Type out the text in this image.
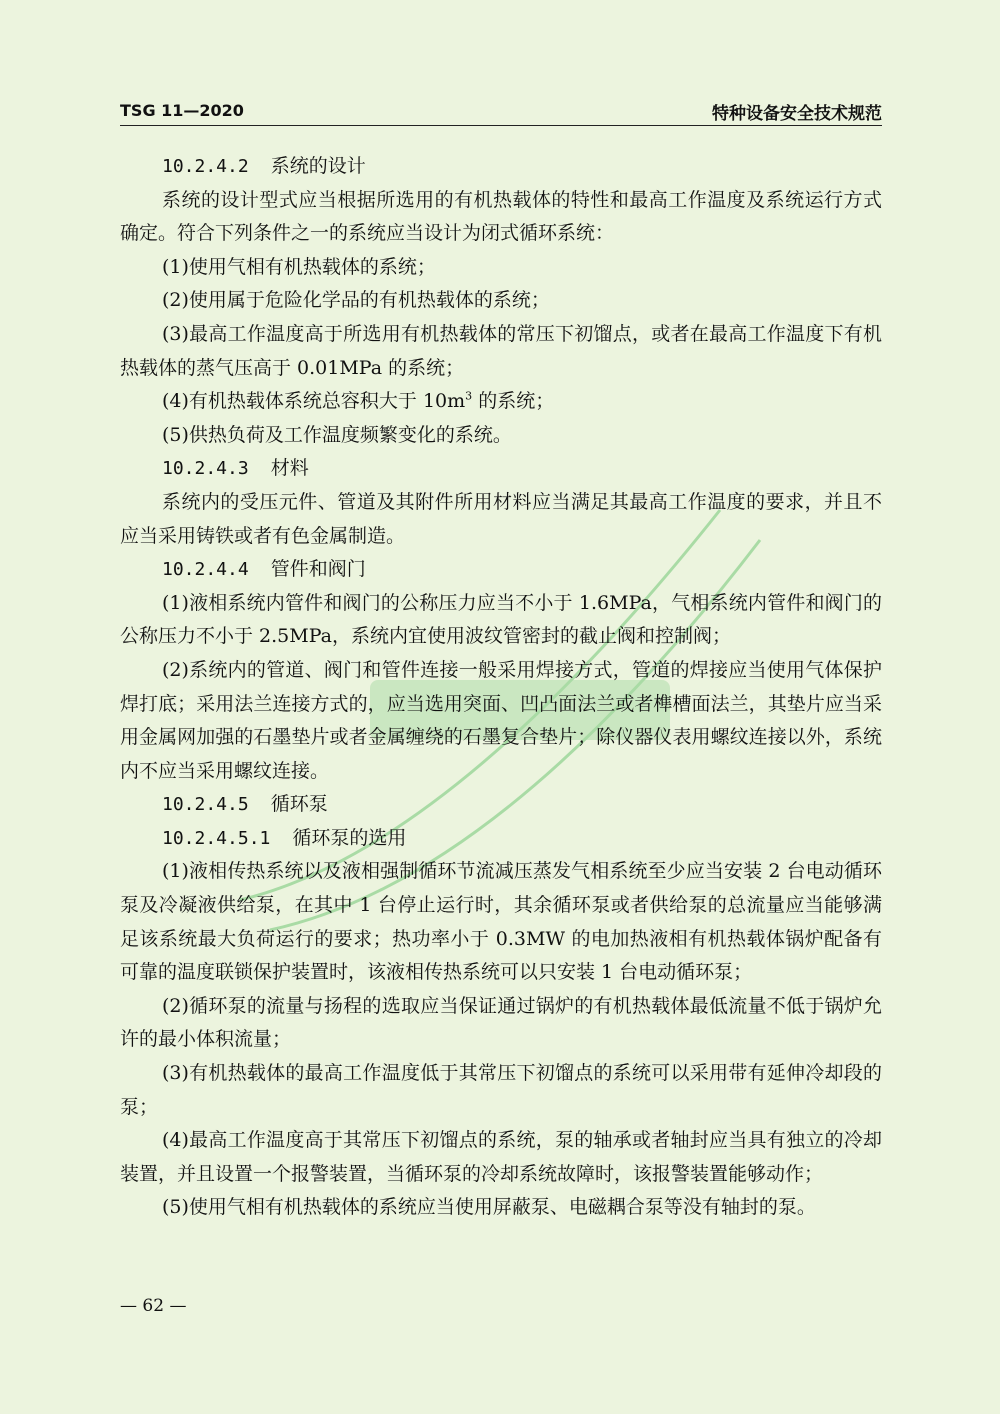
TSG 11—2020	特种设备安全技术规范

10.2.4.2 系统的设计

系统的设计型式应当根据所选用的有机热载体的特性和最高工作温度及系统运行方式确定。符合下列条件之一的系统应当设计为闭式循环系统：

(1)使用气相有机热载体的系统；

(2)使用属于危险化学品的有机热载体的系统；

(3)最高工作温度高于所选用有机热载体的常压下初馏点，或者在最高工作温度下有机热载体的蒸气压高于 0.01MPa 的系统；

(4)有机热载体系统总容积大于 $10m^3$ 的系统；

(5)供热负荷及工作温度频繁变化的系统。

10.2.4.3 材料

系统内的受压元件、管道及其附件所用材料应当满足其最高工作温度的要求，并且不应当采用铸铁或者有色金属制造。

10.2.4.4 管件和阀门

(1)液相系统内管件和阀门的公称压力应当不小于 1.6MPa，气相系统内管件和阀门的公称压力不小于 2.5MPa，系统内宜使用波纹管密封的截止阀和控制阀；

(2)系统内的管道、阀门和管件连接一般采用焊接方式，管道的焊接应当使用气体保护焊打底；采用法兰连接方式的，应当选用突面、凹凸面法兰或者榫槽面法兰，其垫片应当采用金属网加强的石墨垫片或者金属缠绕的石墨复合垫片；除仪器仪表用螺纹连接以外，系统内不应当采用螺纹连接。

10.2.4.5 循环泵

10.2.4.5.1 循环泵的选用

(1)液相传热系统以及液相强制循环节流减压蒸发气相系统至少应当安装 2 台电动循环泵及冷凝液供给泵，在其中 1 台停止运行时，其余循环泵或者供给泵的总流量应当能够满足该系统最大负荷运行的要求；热功率小于 0.3MW 的电加热液相有机热载体锅炉配备有可靠的温度联锁保护装置时，该液相传热系统可以只安装 1 台电动循环泵；

(2)循环泵的流量与扬程的选取应当保证通过锅炉的有机热载体最低流量不低于锅炉允许的最小体积流量；

(3)有机热载体的最高工作温度低于其常压下初馏点的系统可以采用带有延伸冷却段的泵；

(4)最高工作温度高于其常压下初馏点的系统，泵的轴承或者轴封应当具有独立的冷却装置，并且设置一个报警装置，当循环泵的冷却系统故障时，该报警装置能够动作；

(5)使用气相有机热载体的系统应当使用屏蔽泵、电磁耦合泵等没有轴封的泵。

— 62 —
